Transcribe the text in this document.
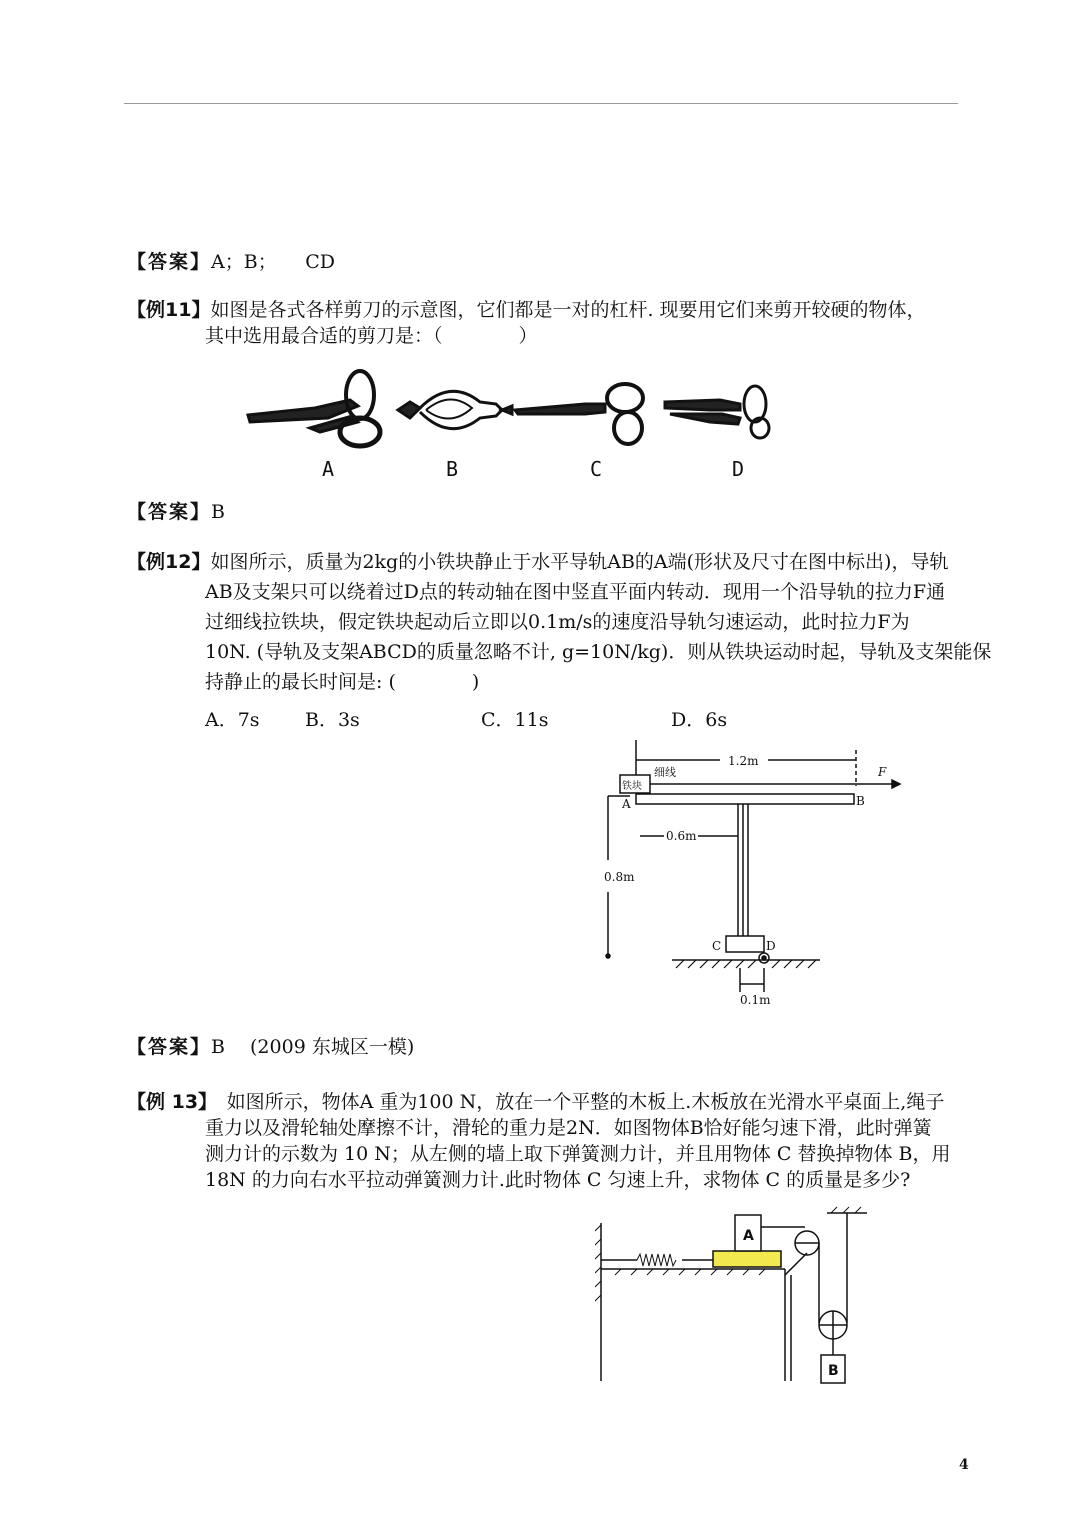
【答案】A；B；　　CD
【例11】如图是各式各样剪刀的示意图，它们都是一对的杠杆. 现要用它们来剪开较硬的物体，
其中选用最合适的剪刀是：（　　　　）
A	B	C	D
【答案】B
【例12】如图所示，质量为2kg的小铁块静止于水平导轨AB的A端(形状及尺寸在图中标出)，导轨
AB及支架只可以绕着过D点的转动轴在图中竖直平面内转动．现用一个沿导轨的拉力F通
过细线拉铁块，假定铁块起动后立即以0.1m/s的速度沿导轨匀速运动，此时拉力F为
10N. (导轨及支架ABCD的质量忽略不计, g=10N/kg)．则从铁块运动时起，导轨及支架能保
持静止的最长时间是: (　　　　)
A．7s B．3s	C．11s	D．6s
1.2m
细线
铁块
F
A	B
0.6m
0.8m
C	D
0.1m
【答案】B　 (2009 东城区一模)
【例 13】　如图所示，物体A 重为100 N，放在一个平整的木板上.木板放在光滑水平桌面上,绳子
重力以及滑轮轴处摩擦不计，滑轮的重力是2N．如图物体B恰好能匀速下滑，此时弹簧
测力计的示数为 10 N；从左侧的墙上取下弹簧测力计，并且用物体 C 替换掉物体 B，用
18N 的力向右水平拉动弹簧测力计.此时物体 C 匀速上升，求物体 C 的质量是多少?
A
B
4
